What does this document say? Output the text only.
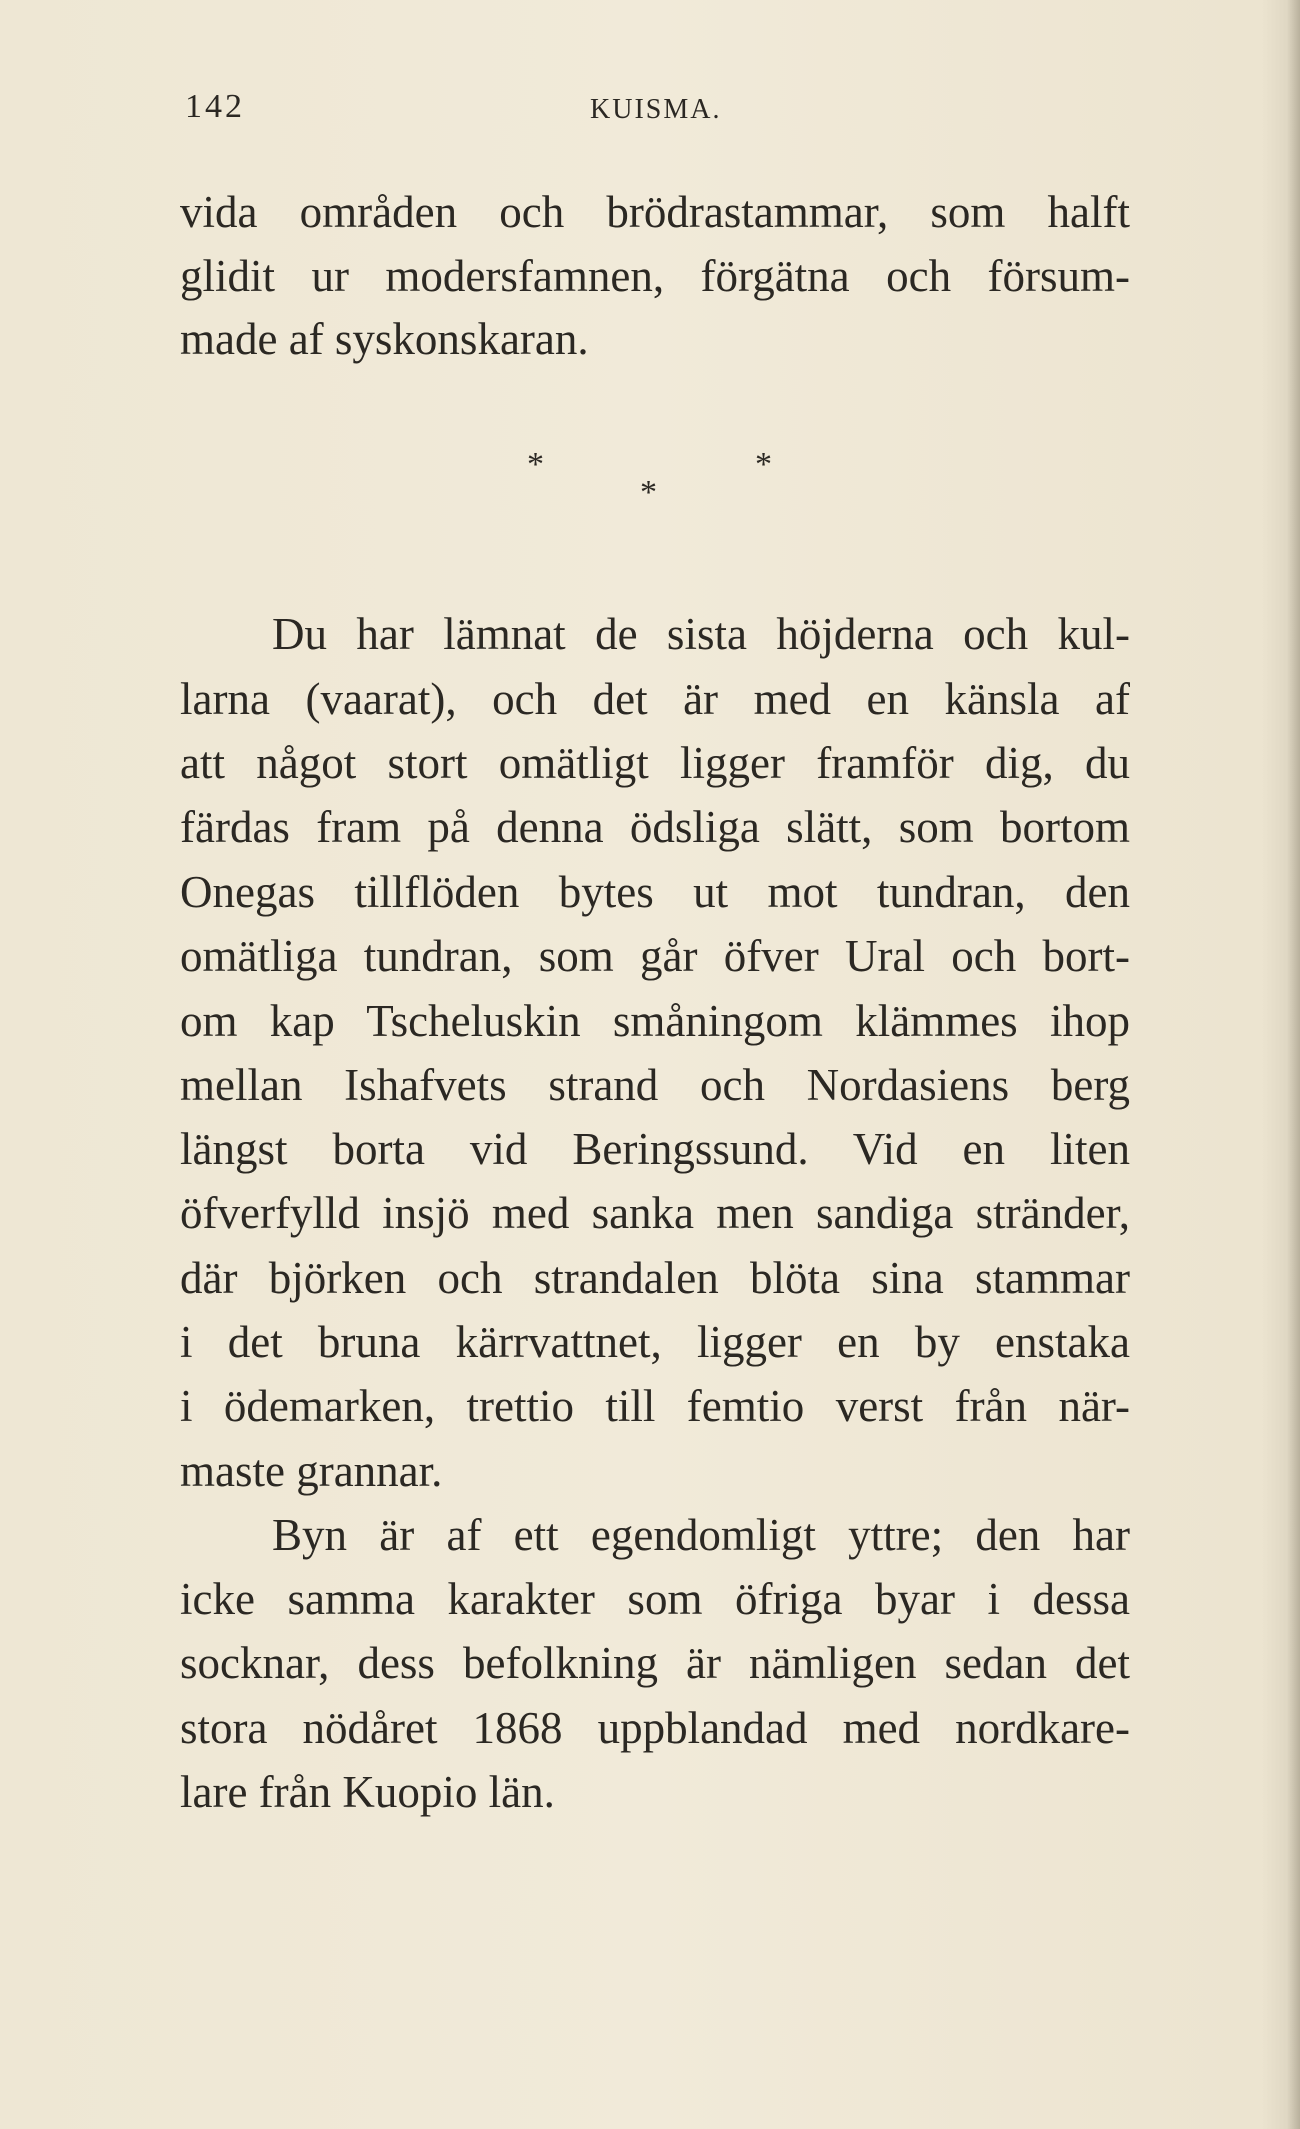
142	KUISMA.
vida områden och brödrastammar, som halft
glidit ur modersfamnen, förgätna och försum-
made af syskonskaran.
*	*
*
Du har lämnat de sista höjderna och kul-
larna (vaarat), och det är med en känsla af
att något stort omätligt ligger framför dig, du
färdas fram på denna ödsliga slätt, som bortom
Onegas tillflöden bytes ut mot tundran, den
omätliga tundran, som går öfver Ural och bort-
om kap Tscheluskin småningom klämmes ihop
mellan Ishafvets strand och Nordasiens berg
längst borta vid Beringssund. Vid en liten
öfverfylld insjö med sanka men sandiga stränder,
där björken och strandalen blöta sina stammar
i det bruna kärrvattnet, ligger en by enstaka
i ödemarken, trettio till femtio verst från när-
maste grannar.
Byn är af ett egendomligt yttre; den har
icke samma karakter som öfriga byar i dessa
socknar, dess befolkning är nämligen sedan det
stora nödåret 1868 uppblandad med nordkare-
lare från Kuopio län.
